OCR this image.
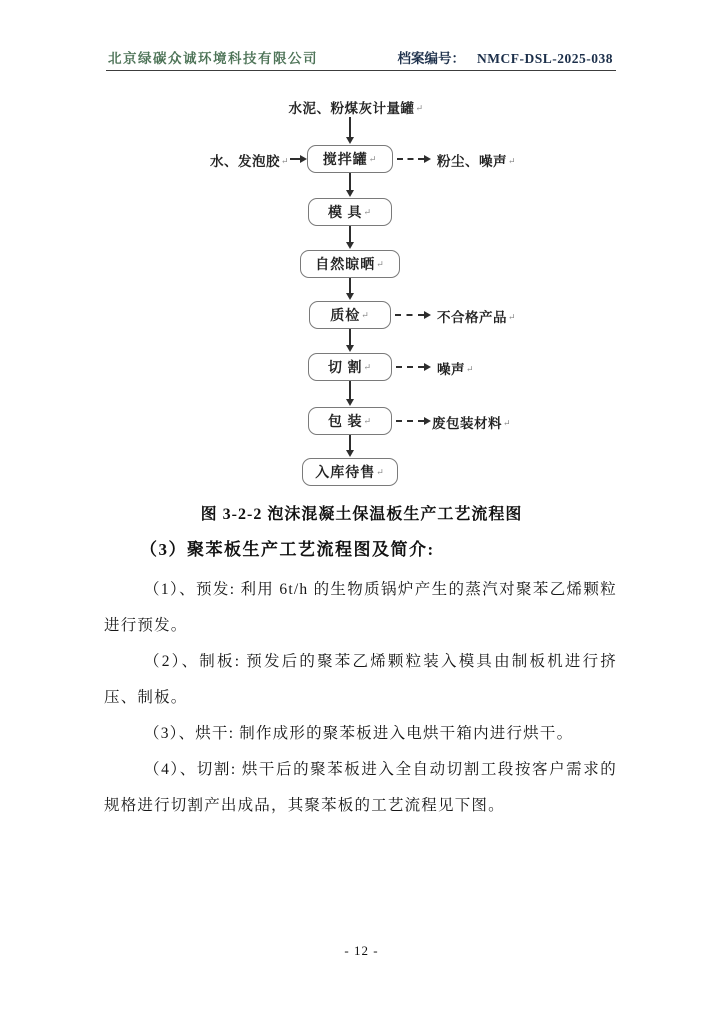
北京绿碳众诚环境科技有限公司	档案编号： NMCF-DSL-2025-038
水泥、粉煤灰计量罐↵
水、发泡胶↵ 搅拌罐 ↵	粉尘、噪声↵
模 具 ↵
自然晾晒 ↵
质检 ↵	不合格产品↵
切 割 ↵	噪声↵
包 装 ↵	废包装材料↵
入库待售 ↵
图 3-2-2 泡沫混凝土保温板生产工艺流程图
（3）聚苯板生产工艺流程图及简介:

（1）、预发: 利用 6t/h 的生物质锅炉产生的蒸汽对聚苯乙烯颗粒进行预发。

（2）、制板: 预发后的聚苯乙烯颗粒装入模具由制板机进行挤压、制板。

（3）、烘干: 制作成形的聚苯板进入电烘干箱内进行烘干。

（4）、切割: 烘干后的聚苯板进入全自动切割工段按客户需求的规格进行切割产出成品，其聚苯板的工艺流程见下图。

- 12 -
